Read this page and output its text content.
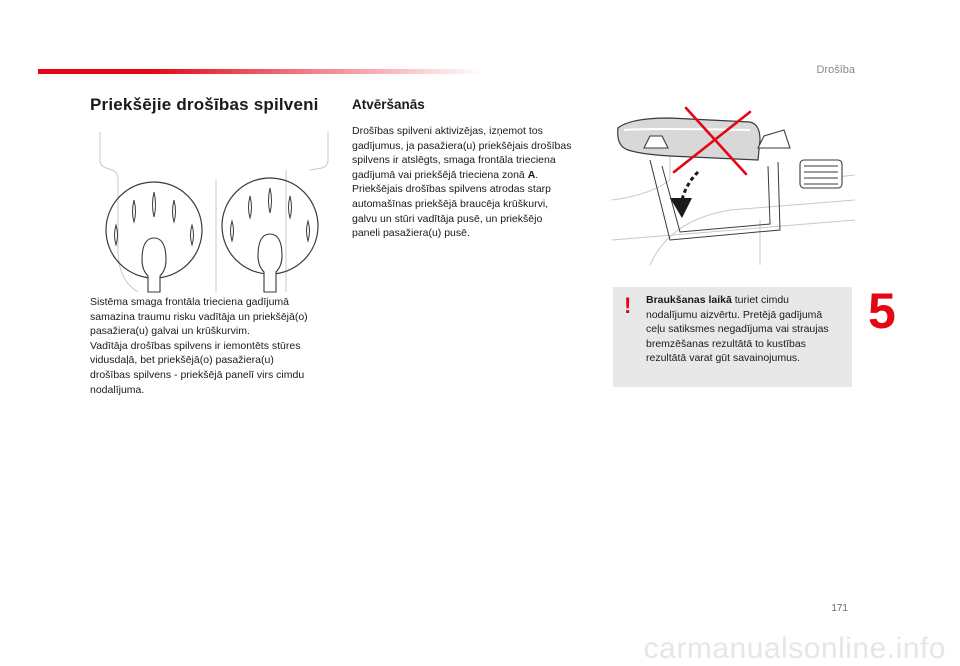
Drošība
Priekšējie drošības spilveni
Sistēma smaga frontāla trieciena gadījumā
samazina traumu risku vadītāja un priekšējā(o)
pasažiera(u) galvai un krūškurvim.
Vadītāja drošības spilvens ir iemontēts stūres
vidusdaļā, bet priekšējā(o) pasažiera(u)
drošības spilvens - priekšējā panelī virs cimdu
nodalījuma.
Atvēršanās
Drošības spilveni aktivizējas, izņemot tos
gadījumus, ja pasažiera(u) priekšējais drošības
spilvens ir atslēgts, smaga frontāla trieciena
gadījumā vai priekšējā trieciena zonā A.
Priekšējais drošības spilvens atrodas starp
automašīnas priekšējā braucēja krūškurvi,
galvu un stūri vadītāja pusē, un priekšējo
paneli pasažiera(u) pusē.
! Braukšanas laikā turiet cimdu
nodalījumu aizvērtu. Pretējā gadījumā
ceļu satiksmes negadījuma vai straujas
bremzēšanas rezultātā to kustības
rezultātā varat gūt savainojumus.
5
171
carmanualsonline.info
